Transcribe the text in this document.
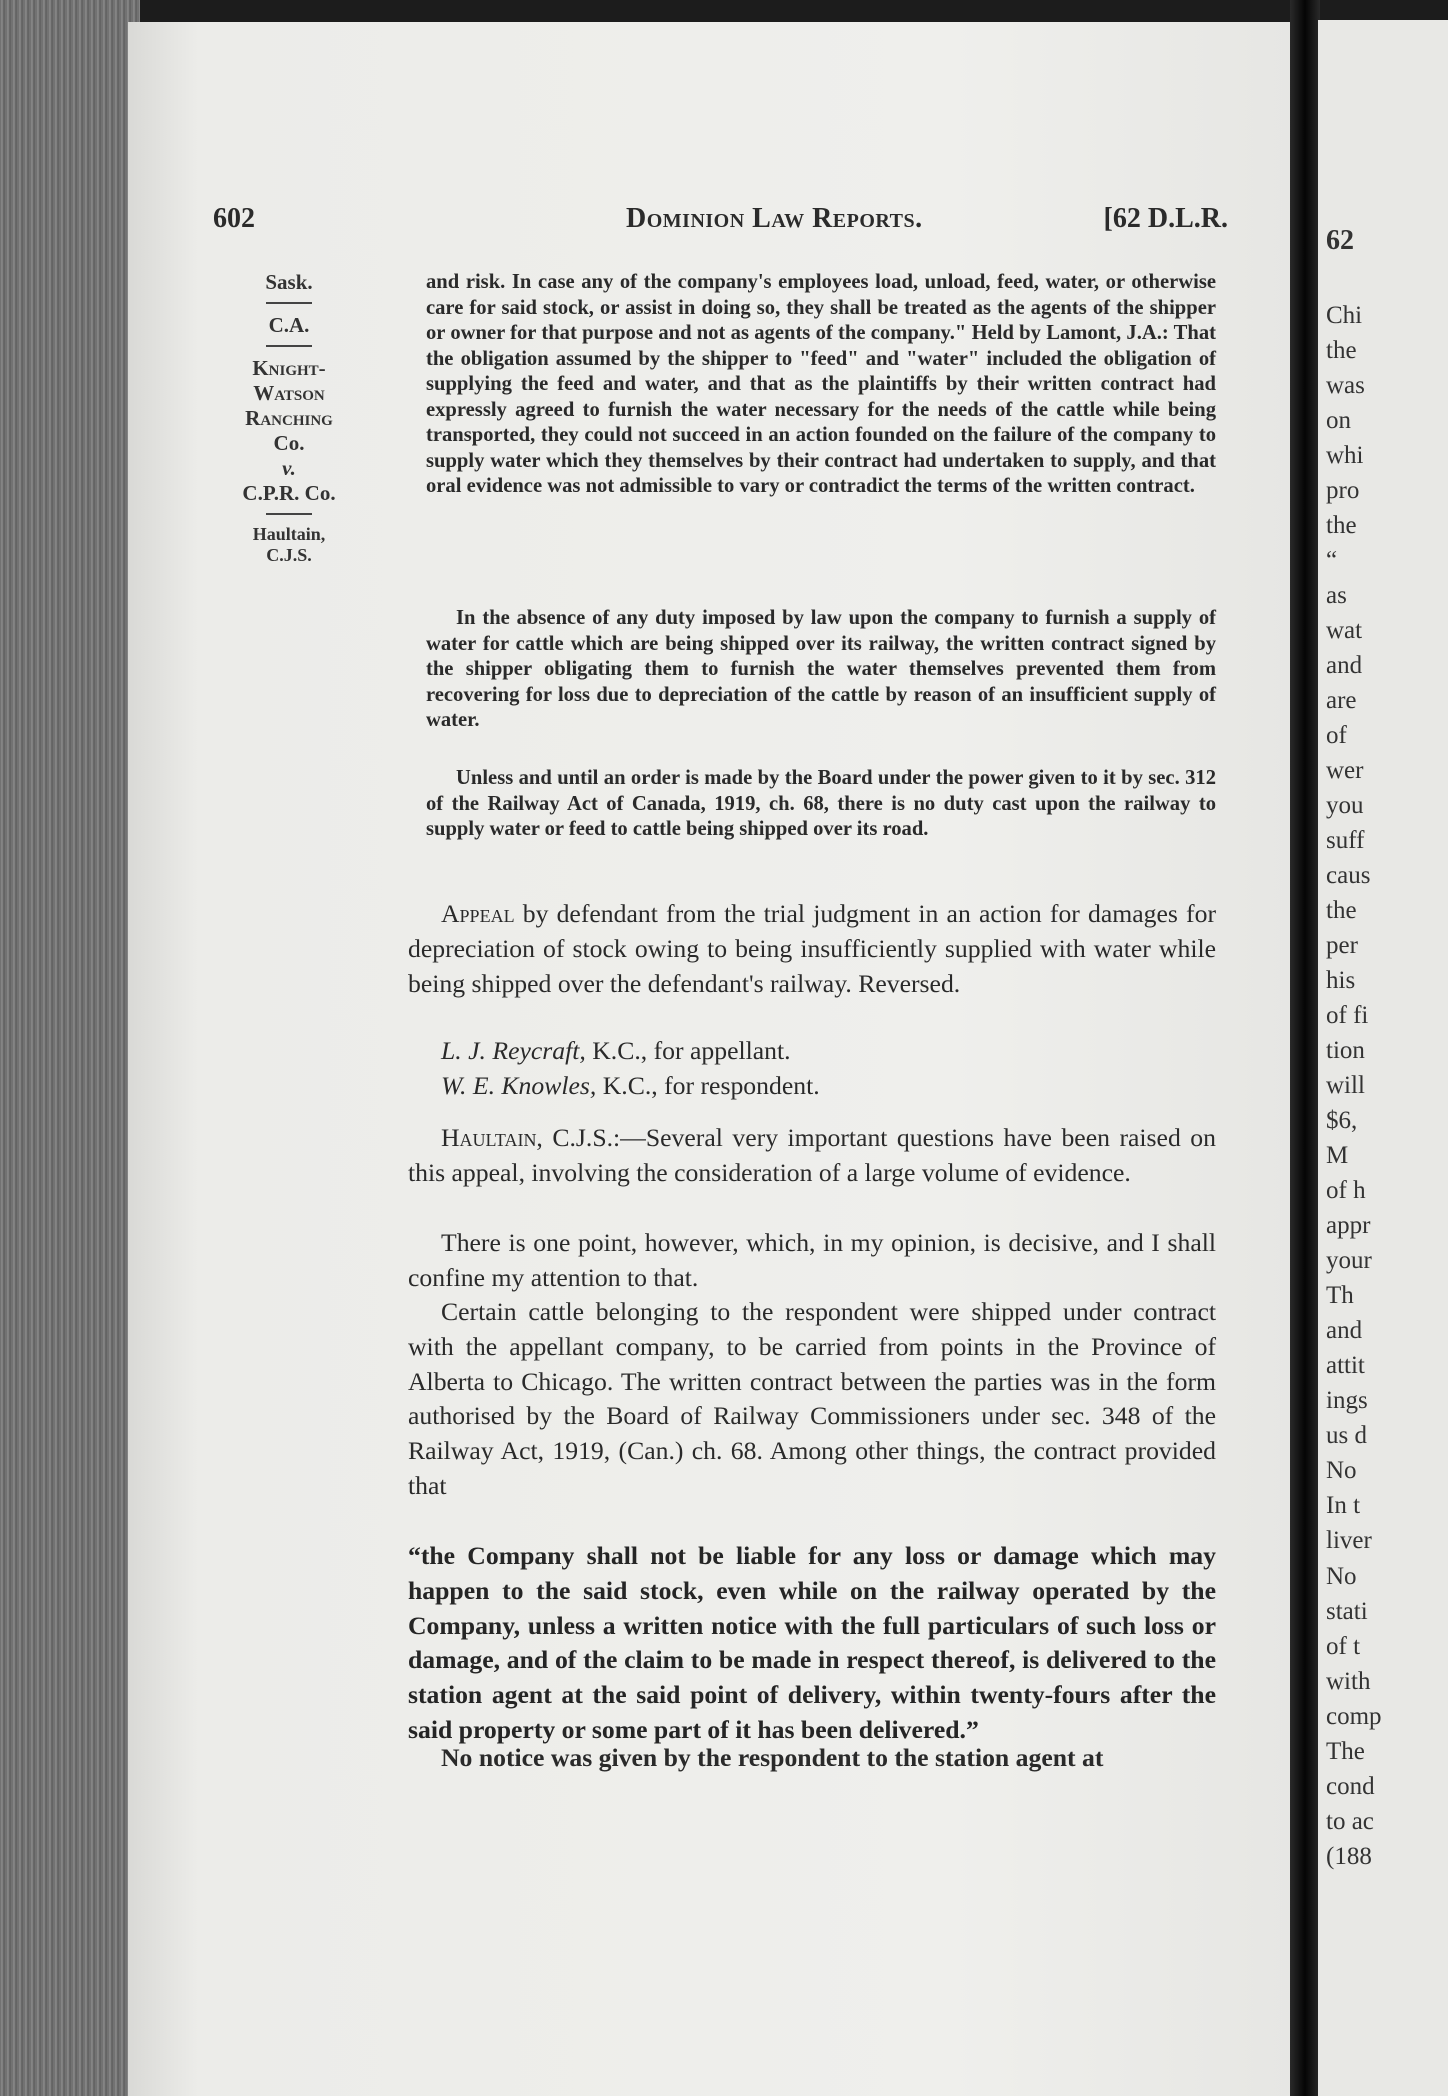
62
Chi
the
was
on
whi
pro
the
“
as
wat
and
are
of
wer
you
suff
caus
the
per
his
of fi
tion
will
$6,
M
of h
appr
your
Th
and
attit
ings
us d
No
In t
liver
No
stati
of t
with
comp
The
cond
to ac
(188
602	Dominion Law Reports.	[62 D.L.R.
Sask.
C.A.
Knight-
Watson
Ranching
Co.
v.
C.P.R. Co.
Haultain,
C.J.S.
and risk. In case any of the company's employees load, unload, feed, water, or otherwise care for said stock, or assist in doing so, they shall be treated as the agents of the shipper or owner for that purpose and not as agents of the company." Held by Lamont, J.A.: That the obligation assumed by the shipper to "feed" and "water" included the obligation of supplying the feed and water, and that as the plaintiffs by their written contract had expressly agreed to furnish the water necessary for the needs of the cattle while being transported, they could not succeed in an action founded on the failure of the company to supply water which they themselves by their contract had undertaken to supply, and that oral evidence was not admissible to vary or contradict the terms of the written contract.
In the absence of any duty imposed by law upon the company to furnish a supply of water for cattle which are being shipped over its railway, the written contract signed by the shipper obligating them to furnish the water themselves prevented them from recovering for loss due to depreciation of the cattle by reason of an insufficient supply of water.
Unless and until an order is made by the Board under the power given to it by sec. 312 of the Railway Act of Canada, 1919, ch. 68, there is no duty cast upon the railway to supply water or feed to cattle being shipped over its road.
Appeal by defendant from the trial judgment in an action for damages for depreciation of stock owing to being insufficiently supplied with water while being shipped over the defendant's railway. Reversed.
L. J. Reycraft, K.C., for appellant.
W. E. Knowles, K.C., for respondent.
Haultain, C.J.S.:—Several very important questions have been raised on this appeal, involving the consideration of a large volume of evidence.
There is one point, however, which, in my opinion, is decisive, and I shall confine my attention to that.
Certain cattle belonging to the respondent were shipped under contract with the appellant company, to be carried from points in the Province of Alberta to Chicago. The written contract between the parties was in the form authorised by the Board of Railway Commissioners under sec. 348 of the Railway Act, 1919, (Can.) ch. 68. Among other things, the contract provided that
“the Company shall not be liable for any loss or damage which may happen to the said stock, even while on the railway operated by the Company, unless a written notice with the full particulars of such loss or damage, and of the claim to be made in respect thereof, is delivered to the station agent at the said point of delivery, within twenty-fours after the said property or some part of it has been delivered.”
No notice was given by the respondent to the station agent at
